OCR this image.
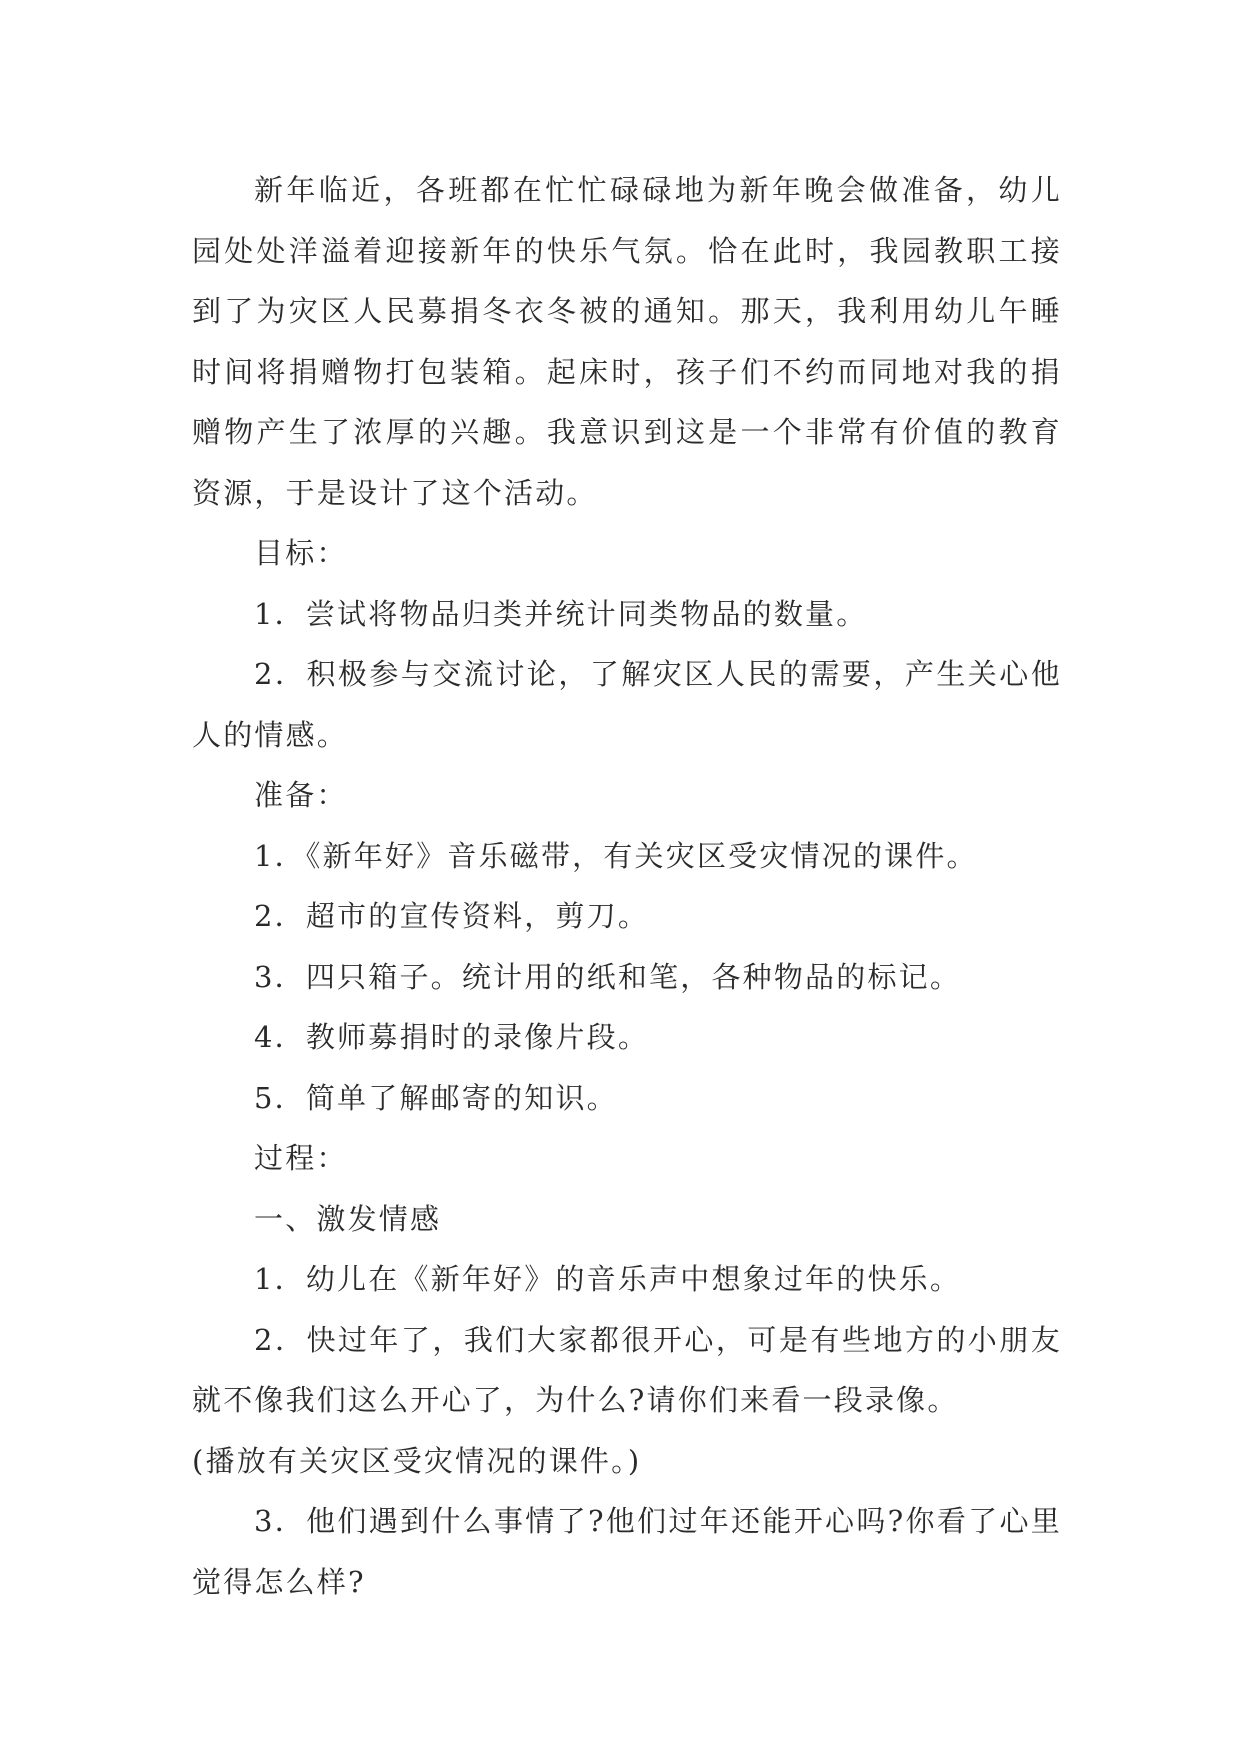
新年临近，各班都在忙忙碌碌地为新年晚会做准备，幼儿园处处洋溢着迎接新年的快乐气氛。恰在此时，我园教职工接到了为灾区人民募捐冬衣冬被的通知。那天，我利用幼儿午睡时间将捐赠物打包装箱。起床时，孩子们不约而同地对我的捐赠物产生了浓厚的兴趣。我意识到这是一个非常有价值的教育资源，于是设计了这个活动。

目标：

1．尝试将物品归类并统计同类物品的数量。

2．积极参与交流讨论，了解灾区人民的需要，产生关心他人的情感。

准备：

1．《新年好》音乐磁带，有关灾区受灾情况的课件。

2．超市的宣传资料，剪刀。

3．四只箱子。统计用的纸和笔，各种物品的标记。

4．教师募捐时的录像片段。

5．简单了解邮寄的知识。

过程：

一、激发情感

1．幼儿在《新年好》的音乐声中想象过年的快乐。

2．快过年了，我们大家都很开心，可是有些地方的小朋友就不像我们这么开心了，为什么?请你们来看一段录像。

(播放有关灾区受灾情况的课件。)

3．他们遇到什么事情了?他们过年还能开心吗?你看了心里觉得怎么样?
